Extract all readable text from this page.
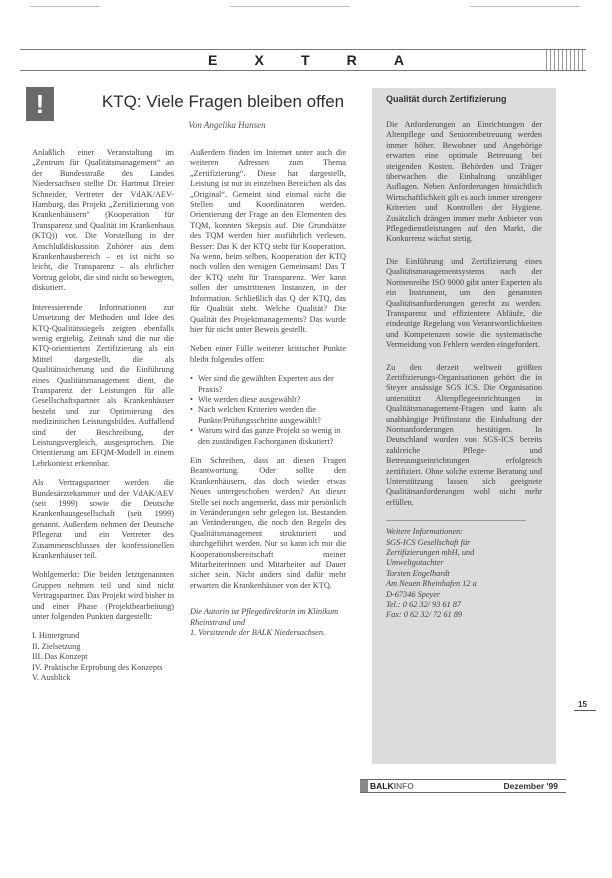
E	X	T	R	A
!	KTQ: Viele Fragen bleiben offen
Von Angelika Hansen

Anlaßlich einer Veranstaltung im „Zentrum für Qualitätsmanagement“ an der Bundesstraße des Landes Niedersachsen stellte Dr. Hartmut Dreier Schneider, Vertreter der VdAK/AEV-Hamburg, das Projekt „Zertifizierung von Krankenhäusern“ (Kooperation für Transparenz und Qualität im Krankenhaus (KTQ)) vor. Die Vorstellung in der Anschlußdiskussion Zuhörer aus dem Krankenhausbereich – es ist nicht so leicht, die Transparenz – als ehrlicher Vortrag gelobt, die sind nicht so bewegten, diskutiert.

Interessierende Informationen zur Umsetzung der Methoden und Idee des KTQ-Qualitätssiegels zeigten ebenfalls wenig ergiebig. Zeitnah sind die nur die KTQ-orientierten Zertifizierung als ein Mittel dargestellt, die als Qualitätssicherung und die Einführung eines Qualitätsmanagement dient, die Transparenz der Leistungen für alle Gesellschaftspartner als Krankenhäuser besteht und zur Optimierung des medizinischen Leistungsbildes. Auffallend sind der Beschreibung, der Leistungsvergleich, ausgesprochen. Die Orientierung am EFQM-Modell in einem Lehrkontext erkennbar.

Als Vertragspartner werden die Bundesärztekammer und der VdAK/AEV (seit 1999) sowie die Deutsche Krankenhausgesellschaft (seit 1999) genannt. Außerdem nehmen der Deutsche Pflegerat und ein Vertreter des Zusammenschlusses der konfessionellen Krankenhäuser teil.

Wohlgemerkt: Die beiden letztgenannten Gruppen nehmen teil und sind nicht Vertragspartner. Das Projekt wird bisher in und einer Phase (Projektbearbeitung) unter folgenden Punkten dargestellt:

I. Hintergrund
II. Zielsetzung
III. Das Konzept
IV. Praktische Erprobung des Konzepts
V. Ausblick

Außerdem finden im Internet unter auch die weiteren Adressen zum Thema „Zertifizierung“. Diese hat dargestellt, Leistung ist nur in einzelnen Bereichen als das „Original“. Gemeint sind einmal nicht die Stellen und Koordinatoren werden. Orientierung der Frage an den Elementen des TQM, konnten Skepsis auf. Die Grundsätze des TQM werden hier ausführlich verlesen. Besser: Das K der KTQ steht für Kooperation. Na wenn, beim selben, Kooperation der KTQ noch vollen den wenigen Gemeinsam! Das T der KTQ steht für Transparenz. Wer kann sollen der umstrittenen Instanzen, in der Information. Schließlich das Q der KTQ, das für Qualität steht. Welche Qualität? Die Qualität des Projektmanagements? Das wurde hier für nicht unter Beweis gestellt.

Neben einer Fülle weiterer kritischer Punkte bleibt folgendes offen:

• Wer sind die gewählten Experten aus der Praxis?
• Wie werden diese ausgewählt?
• Nach welchen Kriterien werden die Punkte/Prüfungsschritte ausgewählt?
• Warum wird das ganze Projekt so wenig in den zuständigen Fachorganen diskutiert?

Ein Schreiben, dass an diesen Fragen Beantwortung. Oder sollte den Krankenhäusern, das doch wieder etwas Neues untergeschoben werden? An dieser Stelle sei noch angemerkt, dass mir persönlich in Veränderungen sehr gelegen ist. Bestanden an Veränderungen, die noch den Regeln des Qualitätsmanagement strukturiert und durchgeführt werden. Nur so kann ich mir die Kooperationsbereitschaft meiner Mitarbeiterinnen und Mitarbeiter auf Dauer sicher sein. Nicht anders sind dafür mehr erwarten die Krankenhäuser von der KTQ.

Die Autorin ist Pflegedirektorin im Klinikum Rheinstrand und
1. Vorsitzende der BALK Niedersachsen.
Qualität durch Zertifizierung

Die Anforderungen an Einrichtungen der Altenpflege und Seniorenbetreuung werden immer höher. Bewohner und Angehörige erwarten eine optimale Betreuung bei steigenden Kosten. Behörden und Träger überwachen die Einhaltung unzähliger Auflagen. Neben Anforderungen hinsichtlich Wirtschaftlichkeit gilt es auch immer strengere Kriterien und Kontrollen der Hygiene. Zusätzlich drängen immer mehr Anbieter von Pflegedienstleistungen auf den Markt, die Konkurrenz wächst stetig.

Die Einführung und Zertifizierung eines Qualitätsmanagementsystems nach der Normenreihe ISO 9000 gibt unter Experten als ein Instrument, um den genannten Qualitätsanforderungen gerecht zu werden. Transparenz und effizientere Abläufe, die eindeutige Regelung von Verantwortlichkeiten und Kompetenzen sowie die systematische Vermeidung von Fehlern werden eingefordert.

Zu den derzeit weltweit größten Zertifizierungs-Organisationen gehört die in Steyer ansässige SGS ICS. Die Organisation unterstützt Altenpflegeeinrichtungen in Qualitätsmanagement-Fragen und kann als unabhängige Prüfinstanz die Einhaltung der Normanforderungen bestätigen. In Deutschland wurden von SGS-ICS bereits zahlreiche Pflege- und Betreuungseinrichtungen erfolgreich zertifiziert. Ohne solche externe Beratung und Unterstützung lassen sich geeignete Qualitätsanforderungen wohl nicht mehr erfüllen.

Weitere Informationen:
SGS-ICS Gesellschaft für
Zertifizierungen mbH, und
Umweltgutachter
Torsten Engelhardt
Am Neuen Rheinhafen 12 a
D-67346 Speyer
Tel.: 0 62 32/ 93 61 87
Fax: 0 62 32/ 72 61 89
15
BALKINFO	Dezember '99
